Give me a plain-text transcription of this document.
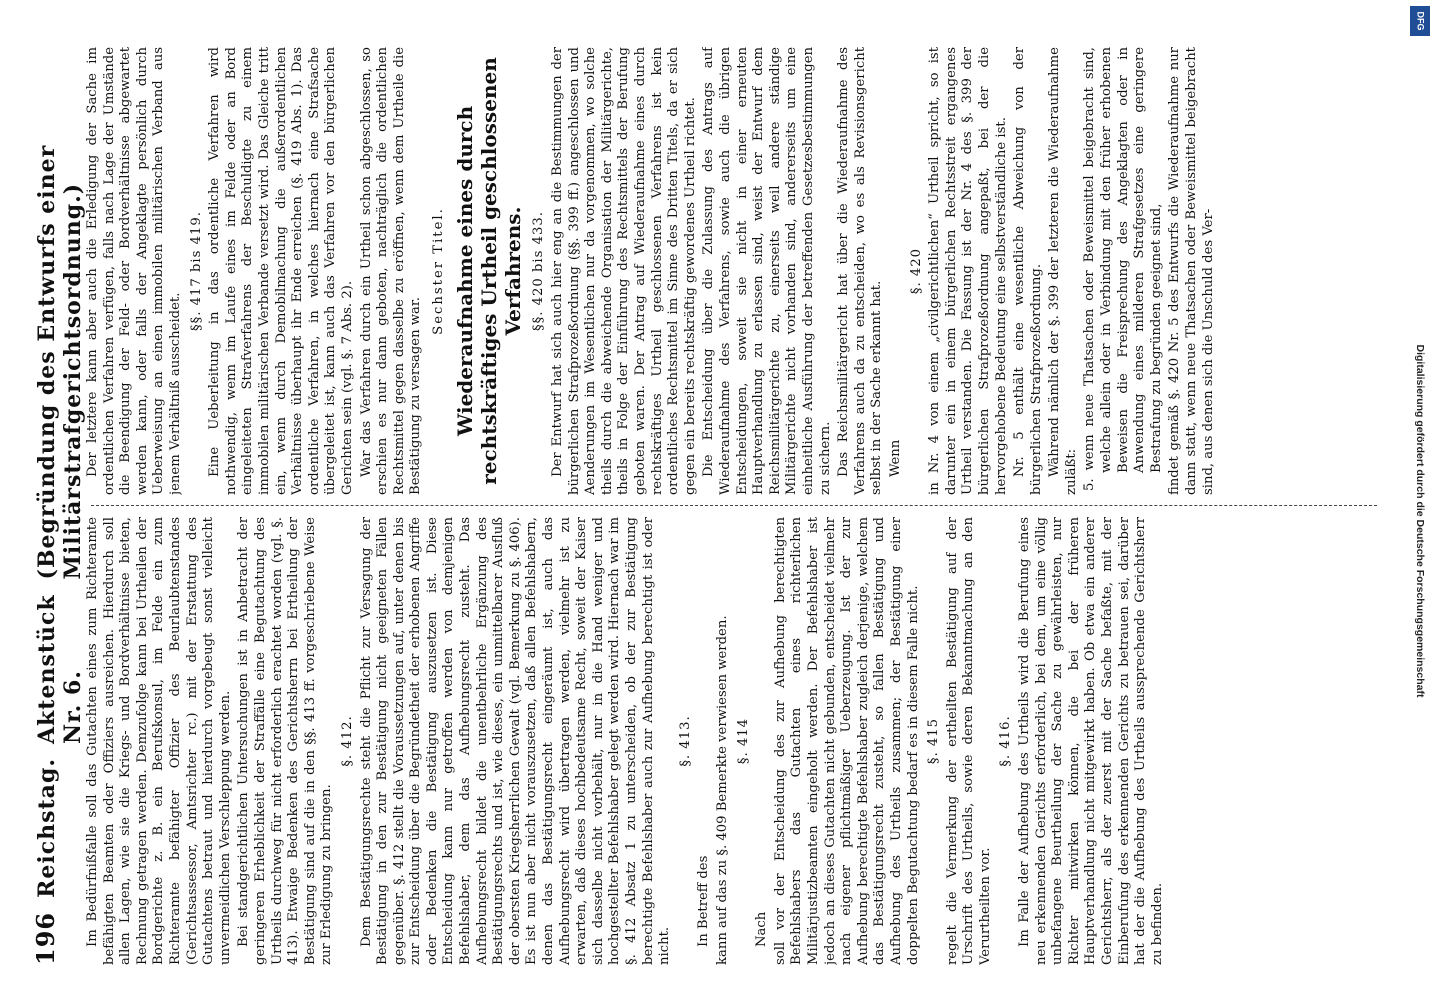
196
Reichstag.
Aktenstück Nr. 6.
(Begründung des Entwurfs einer Militärstrafgerichtsordnung.)

Im Bedürfnißfalle soll das Gutachten eines zum Richteramte befähigten Beamten oder Offiziers ausreichen. Hierdurch soll allen Lagen, wie sie die Kriegs- und Bordverhältnisse bieten, Rechnung getragen werden. Demzufolge kann bei Urtheilen der Bordgerichte z. B. ein Berufskonsul, im Felde ein zum Richteramte befähigter Offizier des Beurlaubtenstandes (Gerichtsassessor, Amtsrichter rc.) mit der Erstattung des Gutachtens betraut und hierdurch vorgebeugt sonst vielleicht unvermeidlichen Verschleppung werden. Bei standgerichtlichen Untersuchungen ist in Anbetracht der geringeren Erheblichkeit der Straffälle eine Begutachtung des Urtheils durchweg für nicht erforderlich erachtet worden (vgl. §. 413). Etwaige Bedenken des Gerichtsherrn bei Ertheilung der Bestätigung sind auf die in den §§. 413 ff. vorgeschriebene Weise zur Erledigung zu bringen.

§. 412. Dem Bestätigungsrechte steht die Pflicht zur Versagung der Bestätigung in den zur Bestätigung nicht geeigneten Fällen gegenüber. §. 412 stellt die Voraussetzungen auf, unter denen bis zur Entscheidung über die Begründetheit der erhobenen Angriffe oder Bedenken die Bestätigung auszusetzen ist. Diese Entscheidung kann nur getroffen werden von demjenigen Befehlshaber, dem das Aufhebungsrecht zusteht. Das Aufhebungsrecht bildet die unentbehrliche Ergänzung des Bestätigungsrechts und ist, wie dieses, ein unmittelbarer Ausfluß der obersten Kriegsherrlichen Gewalt (vgl. Bemerkung zu §. 406). Es ist nun aber nicht vorauszusetzen, daß allen Befehlshabern, denen das Bestätigungsrecht eingeräumt ist, auch das Aufhebungsrecht wird übertragen werden, vielmehr ist zu erwarten, daß dieses hochbedeutsame Recht, soweit der Kaiser sich dasselbe nicht vorbehält, nur in die Hand weniger und hochgestellter Befehlshaber gelegt werden wird. Hiernach war im §. 412 Absatz 1 zu unterscheiden, ob der zur Bestätigung berechtigte Befehlshaber auch zur Aufhebung berechtigt ist oder nicht.

§. 413.

In Betreff des kann auf das zu §. 409 Bemerkte verwiesen werden. §. 414

Nach soll vor der Entscheidung des zur Aufhebung berechtigten Befehlshabers das Gutachten eines richterlichen Militärjustizbeamten eingeholt werden. Der Befehlshaber ist jedoch an dieses Gutachten nicht gebunden, entscheidet vielmehr nach eigener pflichtmäßiger Ueberzeugung. Ist der zur Aufhebung berechtigte Befehlshaber zugleich derjenige, welchem das Bestätigungsrecht zusteht, so fallen Bestätigung und Aufhebung des Urtheils zusammen; der Bestätigung einer doppelten Begutachtung bedarf es in diesem Falle nicht. §. 415 regelt die Vermerkung der ertheilten Bestätigung auf der Urschrift des Urtheils, sowie deren Bekanntmachung an den Verurtheilten vor.

§. 416. Im Falle der Aufhebung des Urtheils wird die Berufung eines neu erkennenden Gerichts erforderlich, bei dem, um eine völlig unbefangene Beurtheilung der Sache zu gewährleisten, nur Richter mitwirken können, die bei der früheren Hauptverhandlung nicht mitgewirkt haben. Ob etwa ein anderer Gerichtsherr, als der zuerst mit der Sache befaßte, mit der Einberufung des erkennenden Gerichts zu betrauen sei, darüber hat der die Aufhebung des Urtheils aussprechende Gerichtsherr zu befinden.

Der letztere kann aber auch die Erledigung der Sache im ordentlichen Verfahren verfügen, falls nach Lage der Umstände die Beendigung der Feld- oder Bordverhältnisse abgewartet werden kann, oder falls der Angeklagte persönlich durch Ueberweisung an einen immobilen militärischen Verband aus jenem Verhältniß ausscheidet.

§§. 417 bis 419. Eine Ueberleitung in das ordentliche Verfahren wird nothwendig, wenn im Laufe eines im Felde oder an Bord eingeleiteten Strafverfahrens der Beschuldigte zu einem immobilen militärischen Verbande versetzt wird. Das Gleiche tritt ein, wenn durch Demobilmachung die außerordentlichen Verhältnisse überhaupt ihr Ende erreichen (§. 419 Abs. 1). Das ordentliche Verfahren, in welches hiernach eine Strafsache übergeleitet ist, kann auch das Verfahren vor den bürgerlichen Gerichten sein (vgl. §. 7 Abs. 2). War das Verfahren durch ein Urtheil schon abgeschlossen, so erschien es nur dann geboten, nachträglich die ordentlichen Rechtsmittel gegen dasselbe zu eröffnen, wenn dem Urtheile die Bestätigung zu versagen war.

Sechster Titel. Wiederaufnahme eines durch rechtskräftiges Urtheil geschlossenen Verfahrens. §§. 420 bis 433. Der Entwurf hat sich auch hier eng an die Bestimmungen der bürgerlichen Strafprozeßordnung (§§. 399 ff.) angeschlossen und Aenderungen im Wesentlichen nur da vorgenommen, wo solche theils durch die abweichende Organisation der Militärgerichte, theils in Folge der Einführung des Rechtsmittels der Berufung geboten waren. Der Antrag auf Wiederaufnahme eines durch rechtskräftiges Urtheil geschlossenen Verfahrens ist kein ordentliches Rechtsmittel im Sinne des Dritten Titels, da er sich gegen ein bereits rechtskräftig gewordenes Urtheil richtet. Die Entscheidung über die Zulassung des Antrags auf Wiederaufnahme des Verfahrens, sowie auch die übrigen Entscheidungen, soweit sie nicht in einer erneuten Hauptverhandlung zu erlassen sind, weist der Entwurf dem Reichsmilitärgerichte zu, einerseits weil andere ständige Militärgerichte nicht vorhanden sind, andererseits um eine einheitliche Ausführung der betreffenden Gesetzesbestimmungen zu sichern. Das Reichsmilitärgericht hat über die Wiederaufnahme des Verfahrens auch da zu entscheiden, wo es als Revisionsgericht selbst in der Sache erkannt hat. Wenn

§. 420 in Nr. 4 von einem „civilgerichtlichen“ Urtheil spricht, so ist darunter ein in einem bürgerlichen Rechtsstreit ergangenes Urtheil verstanden. Die Fassung ist der Nr. 4 des §. 399 der bürgerlichen Strafprozeßordnung angepaßt, bei der die hervorgehobene Bedeutung eine selbstverständliche ist. Nr. 5 enthält eine wesentliche Abweichung von der bürgerlichen Strafprozeßordnung. Während nämlich der §. 399 der letzteren die Wiederaufnahme zuläßt: 5. wenn neue Thatsachen oder Beweismittel beigebracht sind, welche allein oder in Verbindung mit den früher erhobenen Beweisen die Freisprechung des Angeklagten oder in Anwendung eines milderen Strafgesetzes eine geringere Bestrafung zu begründen geeignet sind, findet gemäß §. 420 Nr. 5 des Entwurfs die Wiederaufnahme nur dann statt, wenn neue Thatsachen oder Beweismittel beigebracht sind, aus denen sich die Unschuld des Ver-	Digitalisierung gefördert durch die Deutsche Forschungsgemeinschaft
DFG
